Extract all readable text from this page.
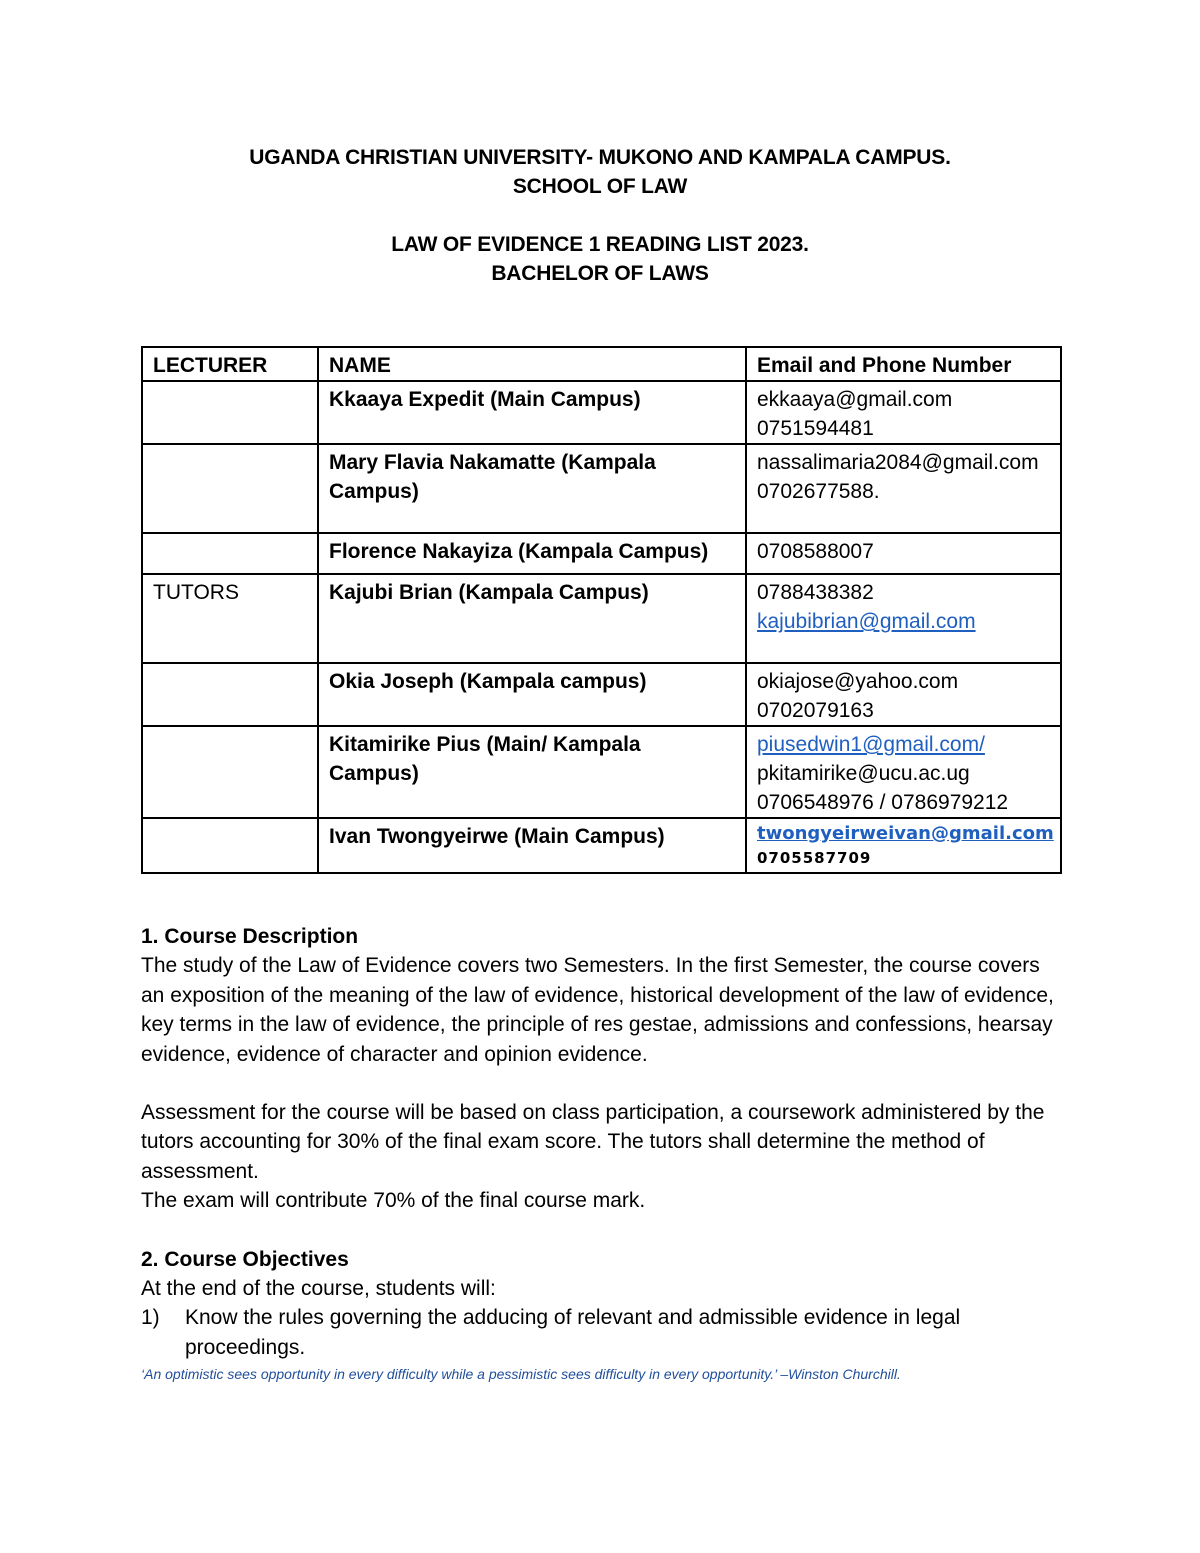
UGANDA CHRISTIAN UNIVERSITY- MUKONO AND KAMPALA CAMPUS.
SCHOOL OF LAW
LAW OF EVIDENCE 1 READING LIST 2023.
BACHELOR OF LAWS
LECTURER	NAME	Email and Phone Number
	Kkaaya Expedit (Main Campus)	ekkaaya@gmail.com
0751594481

	Mary Flavia Nakamatte (Kampala Campus)	nassalimaria2084@gmail.com
0702677588.

	Florence Nakayiza (Kampala Campus)	0708588007

TUTORS	Kajubi Brian (Kampala Campus)	0788438382
kajubibrian@gmail.com

	Okia Joseph (Kampala campus)	okiajose@yahoo.com
0702079163

	Kitamirike Pius (Main/ Kampala Campus)	piusedwin1@gmail.com/
pkitamirike@ucu.ac.ug
0706548976 / 0786979212

	Ivan Twongyeirwe (Main Campus)	twongyeirweivan@gmail.com
0705587709
1. Course Description
The study of the Law of Evidence covers two Semesters. In the first Semester, the course covers an exposition of the meaning of the law of evidence, historical development of the law of evidence, key terms in the law of evidence, the principle of res gestae, admissions and confessions, hearsay evidence, evidence of character and opinion evidence.
Assessment for the course will be based on class participation, a coursework administered by the tutors accounting for 30% of the final exam score. The tutors shall determine the method of assessment.
The exam will contribute 70% of the final course mark.
2. Course Objectives
At the end of the course, students will:
1)	Know the rules governing the adducing of relevant and admissible evidence in legal proceedings.
‘An optimistic sees opportunity in every difficulty while a pessimistic sees difficulty in every opportunity.’ –Winston Churchill.
